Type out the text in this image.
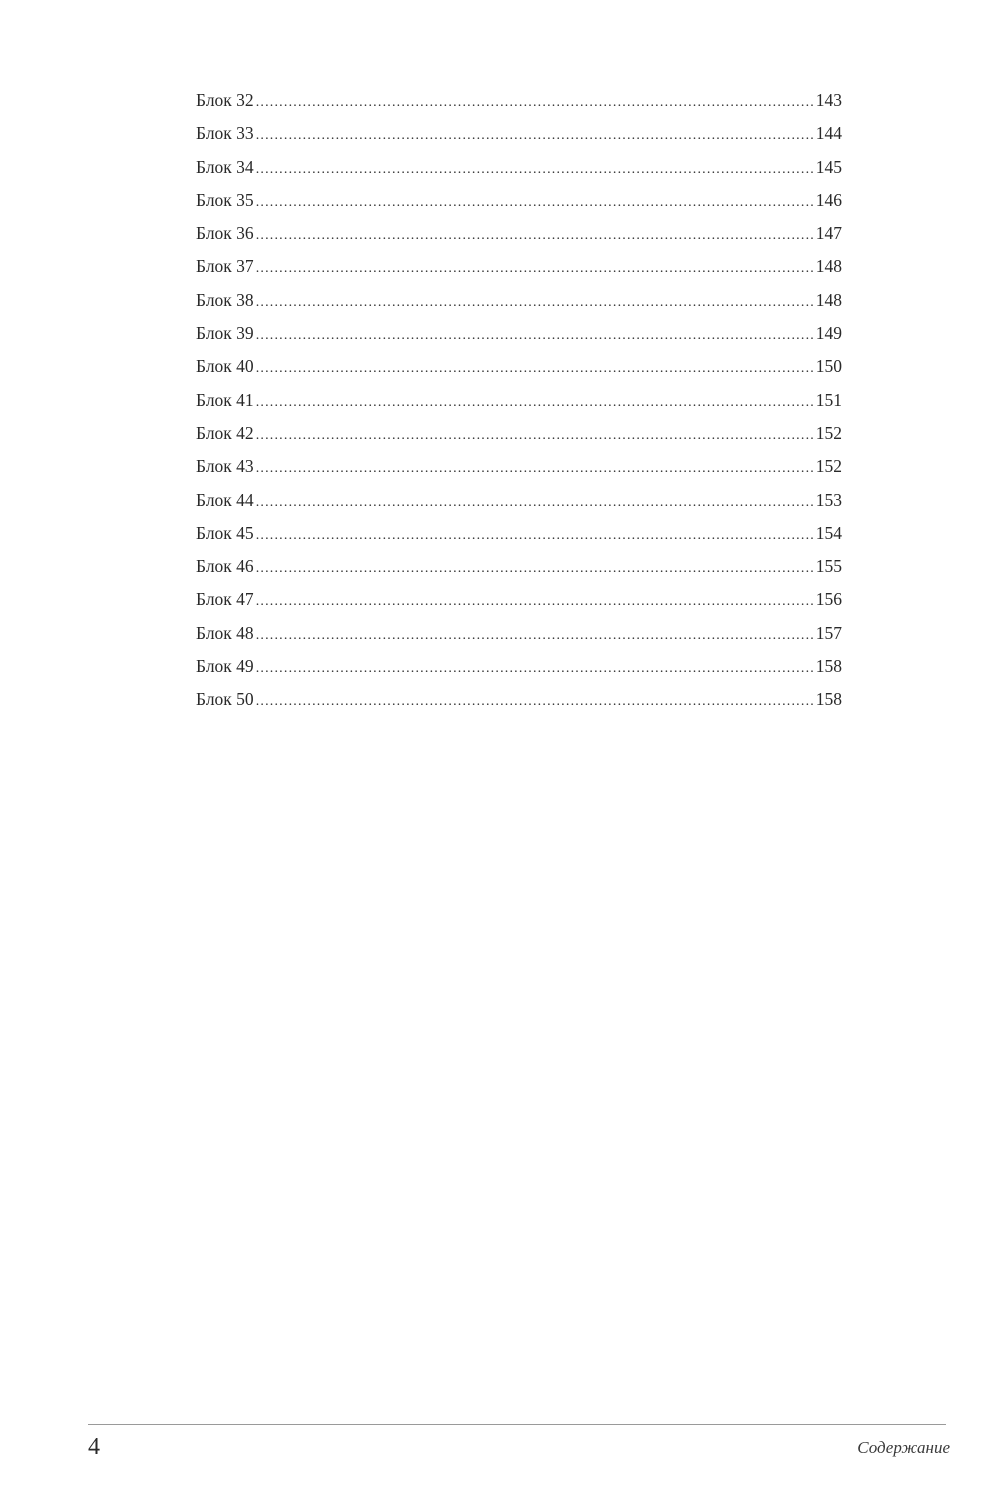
Блок 32 .....	143
Блок 33 .....	144
Блок 34 .....	145
Блок 35 .....	146
Блок 36 .....	147
Блок 37 .....	148
Блок 38 .....	148
Блок 39 .....	149
Блок 40 .....	150
Блок 41 .....	151
Блок 42 .....	152
Блок 43 .....	152
Блок 44 .....	153
Блок 45 .....	154
Блок 46 .....	155
Блок 47 .....	156
Блок 48 .....	157
Блок 49 .....	158
Блок 50 .....	158
4	Содержание
